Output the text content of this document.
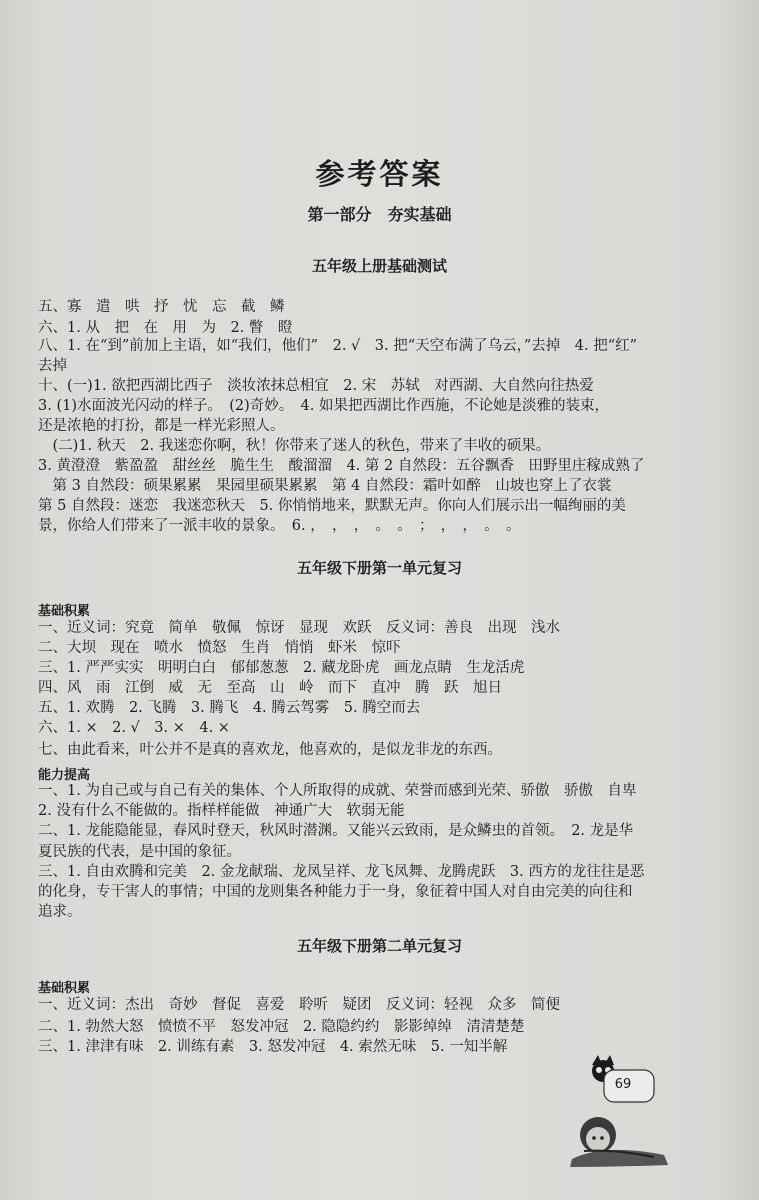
参考答案
第一部分　夯实基础
五年级上册基础测试
五、寡　遣　哄　抒　忧　忘　截　鳞
六、1. 从　把　在　用　为　2. 瞥　瞪
八、1. 在“到”前加上主语，如“我们，他们”　2. √　3. 把“天空布满了乌云，”去掉　4. 把“红”
去掉
十、(一)1. 欲把西湖比西子　淡妆浓抹总相宜　2. 宋　苏轼　对西湖、大自然向往热爱
3. (1)水面波光闪动的样子。　(2)奇妙。　4. 如果把西湖比作西施，不论她是淡雅的装束，
还是浓艳的打扮，都是一样光彩照人。
　(二)1. 秋天　2. 我迷恋你啊，秋！你带来了迷人的秋色，带来了丰收的硕果。
3. 黄澄澄　紫盈盈　甜丝丝　脆生生　酸溜溜　4. 第 2 自然段：五谷飘香　田野里庄稼成熟了
　第 3 自然段：硕果累累　果园里硕果累累　第 4 自然段：霜叶如醉　山坡也穿上了衣裳
第 5 自然段：迷恋　我迷恋秋天　5. 你悄悄地来，默默无声。你向人们展示出一幅绚丽的美
景，你给人们带来了一派丰收的景象。　6. ，　，　，　。　。　；　，　，　。　。
五年级下册第一单元复习
基础积累
一、近义词：究竟　简单　敬佩　惊讶　显现　欢跃　反义词：善良　出现　浅水
二、大坝　现在　喷水　愤怒　生肖　悄悄　虾米　惊吓
三、1. 严严实实　明明白白　郁郁葱葱　2. 藏龙卧虎　画龙点睛　生龙活虎
四、风　雨　江倒　威　无　至高　山　岭　而下　直冲　腾　跃　旭日
五、1. 欢腾　2. 飞腾　3. 腾飞　4. 腾云驾雾　5. 腾空而去
六、1. ×　2. √　3. ×　4. ×
七、由此看来，叶公并不是真的喜欢龙，他喜欢的，是似龙非龙的东西。
能力提高
一、1. 为自己或与自己有关的集体、个人所取得的成就、荣誉而感到光荣、骄傲　骄傲　自卑
2. 没有什么不能做的。指样样能做　神通广大　软弱无能
二、1. 龙能隐能显，春风时登天，秋风时潜渊。又能兴云致雨，是众鳞虫的首领。　2. 龙是华
夏民族的代表，是中国的象征。
三、1. 自由欢腾和完美　2. 金龙献瑞、龙凤呈祥、龙飞凤舞、龙腾虎跃　3. 西方的龙往往是恶
的化身，专干害人的事情；中国的龙则集各种能力于一身，象征着中国人对自由完美的向往和
追求。
五年级下册第二单元复习
基础积累
一、近义词：杰出　奇妙　督促　喜爱　聆听　疑团　反义词：轻视　众多　简便
二、1. 勃然大怒　愤愤不平　怒发冲冠　2. 隐隐约约　影影绰绰　清清楚楚
三、1. 津津有味　2. 训练有素　3. 怒发冲冠　4. 索然无味　5. 一知半解
69
